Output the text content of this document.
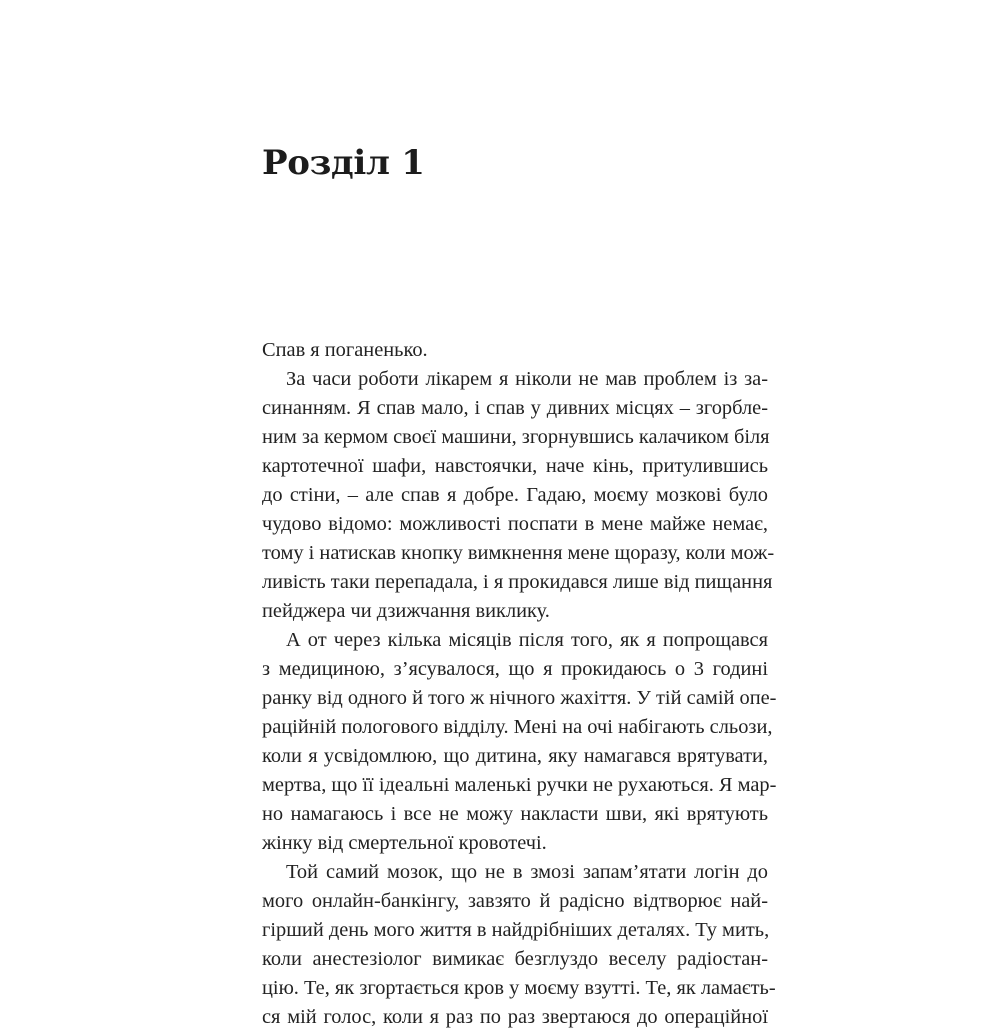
Розділ 1
Спав я поганенько.
За часи роботи лікарем я ніколи не мав проблем із за-
синанням. Я спав мало, і спав у дивних місцях – згорбле-
ним за кермом своєї машини, згорнувшись калачиком біля
картотечної шафи, навстоячки, наче кінь, притулившись
до стіни, – але спав я добре. Гадаю, моєму мозкові було
чудово відомо: можливості поспати в мене майже немає,
тому і натискав кнопку вимкнення мене щоразу, коли мож-
ливість таки перепадала, і я прокидався лише від пищання
пейджера чи дзижчання виклику.
А от через кілька місяців після того, як я попрощався
з медициною, з’ясувалося, що я прокидаюсь о 3 годині
ранку від одного й того ж нічного жахіття. У тій самій опе-
раційній пологового відділу. Мені на очі набігають сльози,
коли я усвідомлюю, що дитина, яку намагався врятувати,
мертва, що її ідеальні маленькі ручки не рухаються. Я мар-
но намагаюсь і все не можу накласти шви, які врятують
жінку від смертельної кровотечі.
Той самий мозок, що не в змозі запам’ятати логін до
мого онлайн-банкінгу, завзято й радісно відтворює най-
гірший день мого життя в найдрібніших деталях. Ту мить,
коли анестезіолог вимикає безглуздо веселу радіостан-
цію. Те, як згортається кров у моєму взутті. Те, як ламаєть-
ся мій голос, коли я раз по раз звертаюся до операційної
